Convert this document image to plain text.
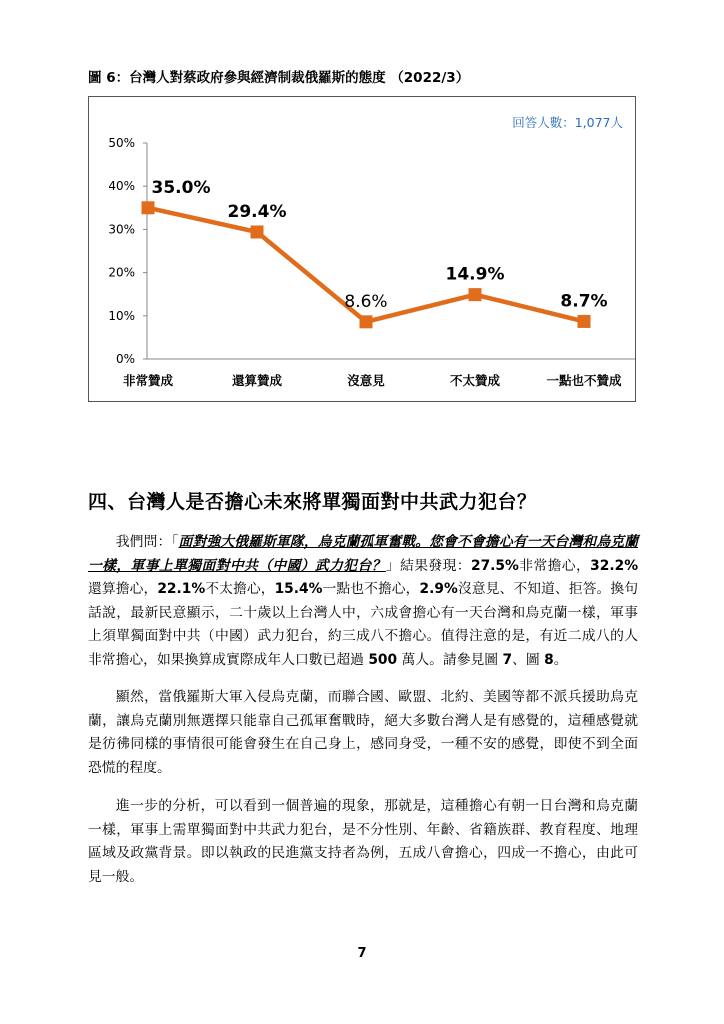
圖 6：台灣人對蔡政府參與經濟制裁俄羅斯的態度 （2022/3）
回答人數：1,077人
0%
10%
20%
30%
40%
50%
非常贊成	還算贊成	沒意見	不太贊成	一點也不贊成
35.0%
29.4%
8.6%
14.9%
8.7%
四、台灣人是否擔心未來將單獨面對中共武力犯台？

  我們問：「面對強大俄羅斯軍隊，烏克蘭孤軍奮戰。您會不會擔心有一天台灣和烏克蘭一樣，軍事上單獨面對中共（中國）武力犯台？」結果發現：27.5%非常擔心，32.2%還算擔心，22.1%不太擔心，15.4%一點也不擔心，2.9%沒意見、不知道、拒答。換句話說，最新民意顯示，二十歲以上台灣人中，六成會擔心有一天台灣和烏克蘭一樣，軍事上須單獨面對中共（中國）武力犯台，約三成八不擔心。值得注意的是，有近二成八的人非常擔心，如果換算成實際成年人口數已超過 500 萬人。請參見圖 7、圖 8。

  顯然，當俄羅斯大軍入侵烏克蘭，而聯合國、歐盟、北約、美國等都不派兵援助烏克蘭，讓烏克蘭別無選擇只能靠自己孤軍奮戰時，絕大多數台灣人是有感覺的，這種感覺就是彷彿同樣的事情很可能會發生在自己身上，感同身受，一種不安的感覺，即使不到全面恐慌的程度。

  進一步的分析，可以看到一個普遍的現象，那就是，這種擔心有朝一日台灣和烏克蘭一樣，軍事上需單獨面對中共武力犯台，是不分性別、年齡、省籍族群、教育程度、地理區域及政黨背景。即以執政的民進黨支持者為例，五成八會擔心，四成一不擔心，由此可見一般。

7
